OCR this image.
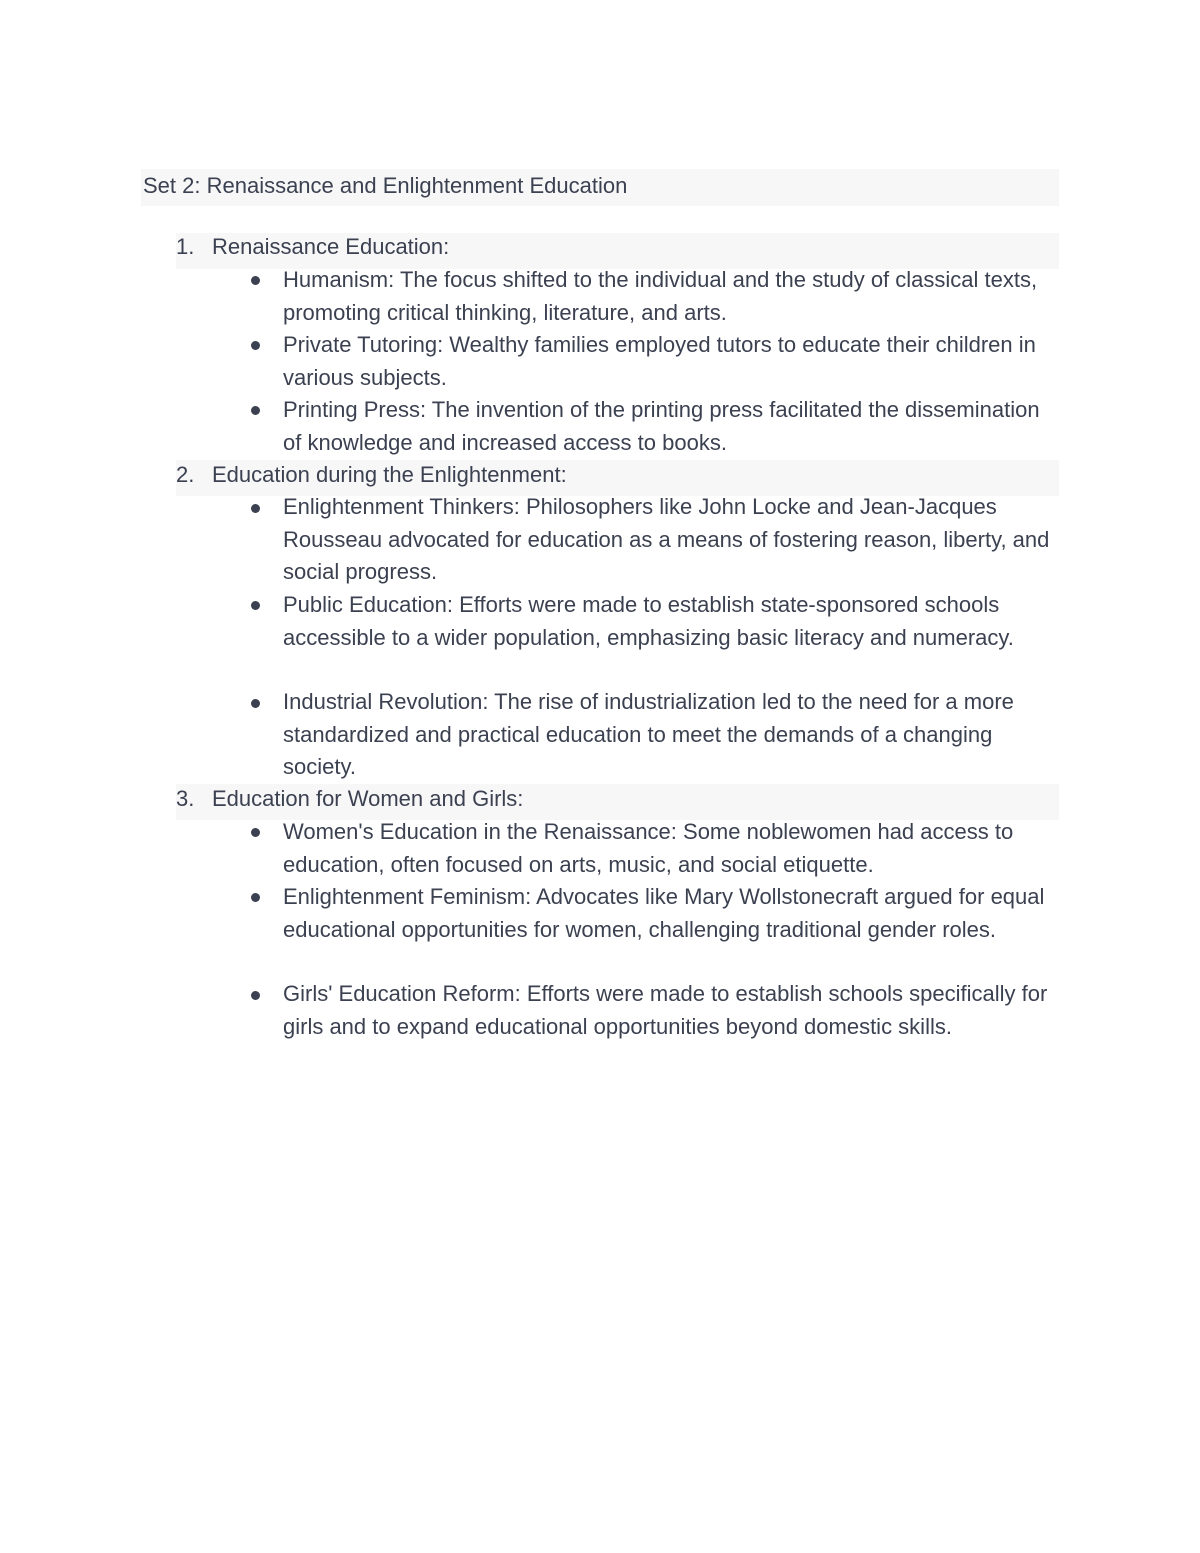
Set 2: Renaissance and Enlightenment Education
1. Renaissance Education:
Humanism: The focus shifted to the individual and the study of classical texts, promoting critical thinking, literature, and arts.
Private Tutoring: Wealthy families employed tutors to educate their children in various subjects.
Printing Press: The invention of the printing press facilitated the dissemination of knowledge and increased access to books.
2. Education during the Enlightenment:
Enlightenment Thinkers: Philosophers like John Locke and Jean-Jacques Rousseau advocated for education as a means of fostering reason, liberty, and social progress.
Public Education: Efforts were made to establish state-sponsored schools accessible to a wider population, emphasizing basic literacy and numeracy.
Industrial Revolution: The rise of industrialization led to the need for a more standardized and practical education to meet the demands of a changing society.
3. Education for Women and Girls:
Women's Education in the Renaissance: Some noblewomen had access to education, often focused on arts, music, and social etiquette.
Enlightenment Feminism: Advocates like Mary Wollstonecraft argued for equal educational opportunities for women, challenging traditional gender roles.
Girls' Education Reform: Efforts were made to establish schools specifically for girls and to expand educational opportunities beyond domestic skills.
